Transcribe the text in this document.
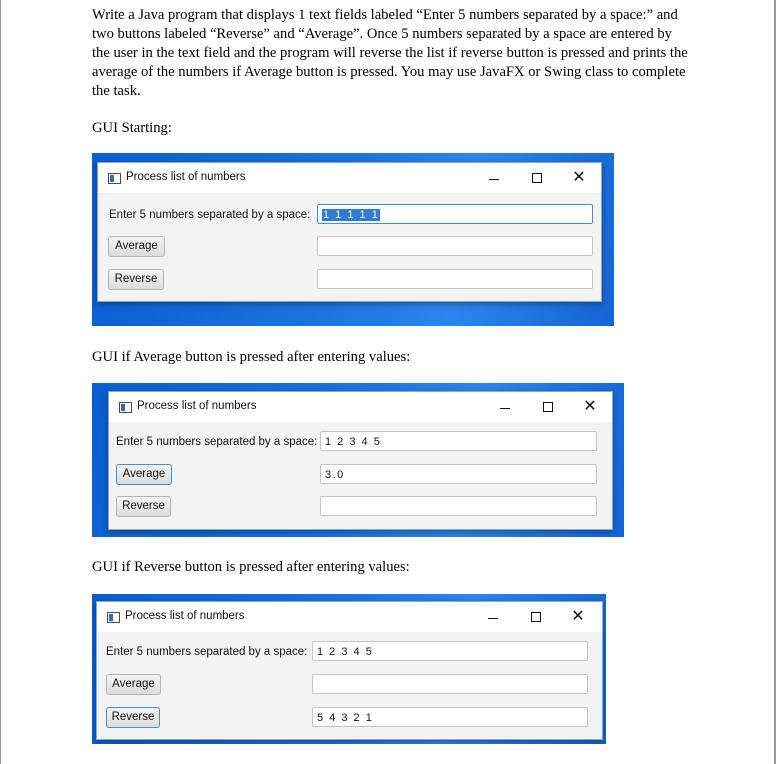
Write a Java program that displays 1 text fields labeled “Enter 5 numbers separated by a space:” and two buttons labeled “Reverse” and “Average”. Once 5 numbers separated by a space are entered by the user in the text field and the program will reverse the list if reverse button is pressed and prints the average of the numbers if Average button is pressed. You may use JavaFX or Swing class to complete the task.

GUI Starting:

Process list of numbers	✕
Enter 5 numbers separated by a space:	1 1 1 1 1
Average
Reverse

GUI if Average button is pressed after entering values:

Process list of numbers	✕
Enter 5 numbers separated by a space: 1 2 3 4 5
Average	3.0
Reverse

GUI if Reverse button is pressed after entering values:

Process list of numbers	✕
Enter 5 numbers separated by a space: 1 2 3 4 5
Average
Reverse	5 4 3 2 1
